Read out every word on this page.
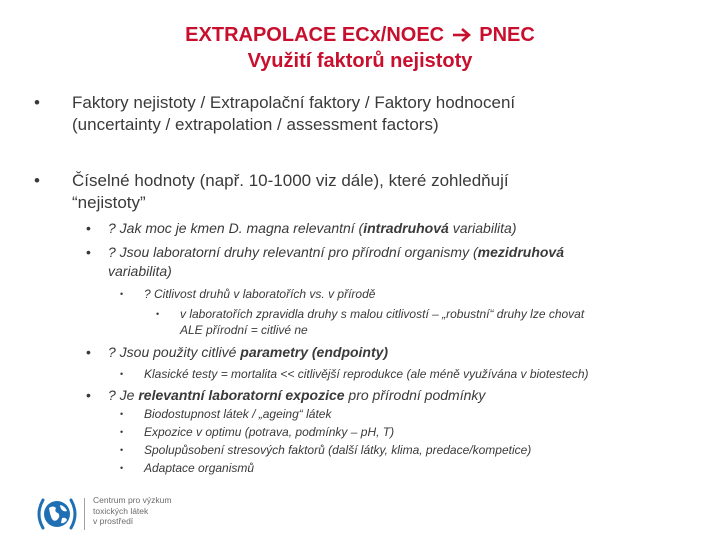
EXTRAPOLACE ECx/NOEC PNEC
Využití faktorů nejistoty
• Faktory nejistoty / Extrapolační faktory / Faktory hodnocení
(uncertainty / extrapolation / assessment factors)
• Číselné hodnoty (např. 10-1000 viz dále), které zohledňují
“nejistoty”
• ? Jak moc je kmen D. magna relevantní (intradruhová variabilita)
• ? Jsou laboratorní druhy relevantní pro přírodní organismy (mezidruhová
variabilita)
• ? Citlivost druhů v laboratořích vs. v přírodě
• v laboratořích zpravidla druhy s malou citlivostí – „robustní“ druhy lze chovat
ALE přírodní = citlivé ne
• ? Jsou použity citlivé parametry (endpointy)
• Klasické testy = mortalita << citlivější reprodukce (ale méně využívána v biotestech)
• ? Je relevantní laboratorní expozice pro přírodní podmínky
• Biodostupnost látek / „ageing“ látek
• Expozice v optimu (potrava, podmínky – pH, T)
• Spolupůsobení stresových faktorů (další látky, klima, predace/kompetice)
• Adaptace organismů
Centrum pro výzkum
toxických látek
v prostředí
